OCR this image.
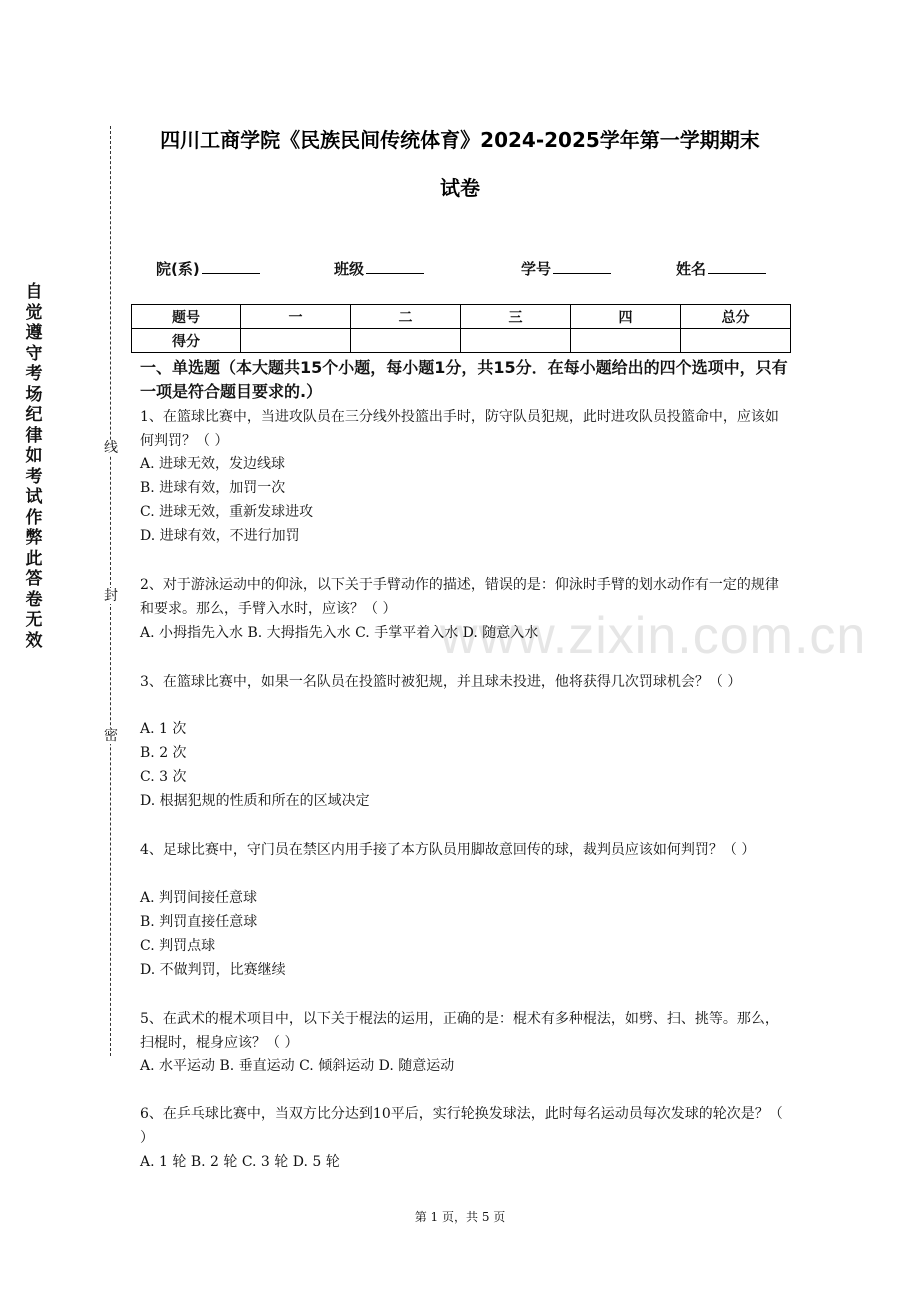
www.zixin.com.cn
线
封
密
自觉遵守考场纪律如考试作弊此答卷无效
四川工商学院《民族民间传统体育》2024-2025学年第一学期期末
试卷
院(系)	班级	学号	姓名
题号	一	二	三	四	总分
得分					
一、单选题（本大题共15个小题，每小题1分，共15分．在每小题给出的四个选项中，只有一项是符合题目要求的.）
1、在篮球比赛中，当进攻队员在三分线外投篮出手时，防守队员犯规，此时进攻队员投篮命中，应该如何判罚？（ ）
A. 进球无效，发边线球
B. 进球有效，加罚一次
C. 进球无效，重新发球进攻
D. 进球有效，不进行加罚
2、对于游泳运动中的仰泳，以下关于手臂动作的描述，错误的是：仰泳时手臂的划水动作有一定的规律和要求。那么，手臂入水时，应该？（ ）
A. 小拇指先入水 B. 大拇指先入水 C. 手掌平着入水 D. 随意入水
3、在篮球比赛中，如果一名队员在投篮时被犯规，并且球未投进，他将获得几次罚球机会？（ ）
A. 1 次
B. 2 次
C. 3 次
D. 根据犯规的性质和所在的区域决定
4、足球比赛中，守门员在禁区内用手接了本方队员用脚故意回传的球，裁判员应该如何判罚？（ ）
A. 判罚间接任意球
B. 判罚直接任意球
C. 判罚点球
D. 不做判罚，比赛继续
5、在武术的棍术项目中，以下关于棍法的运用，正确的是：棍术有多种棍法，如劈、扫、挑等。那么，扫棍时，棍身应该？（ ）
A. 水平运动 B. 垂直运动 C. 倾斜运动 D. 随意运动
6、在乒乓球比赛中，当双方比分达到10平后，实行轮换发球法，此时每名运动员每次发球的轮次是？（ ）
A. 1 轮 B. 2 轮 C. 3 轮 D. 5 轮
第 1 页，共 5 页
